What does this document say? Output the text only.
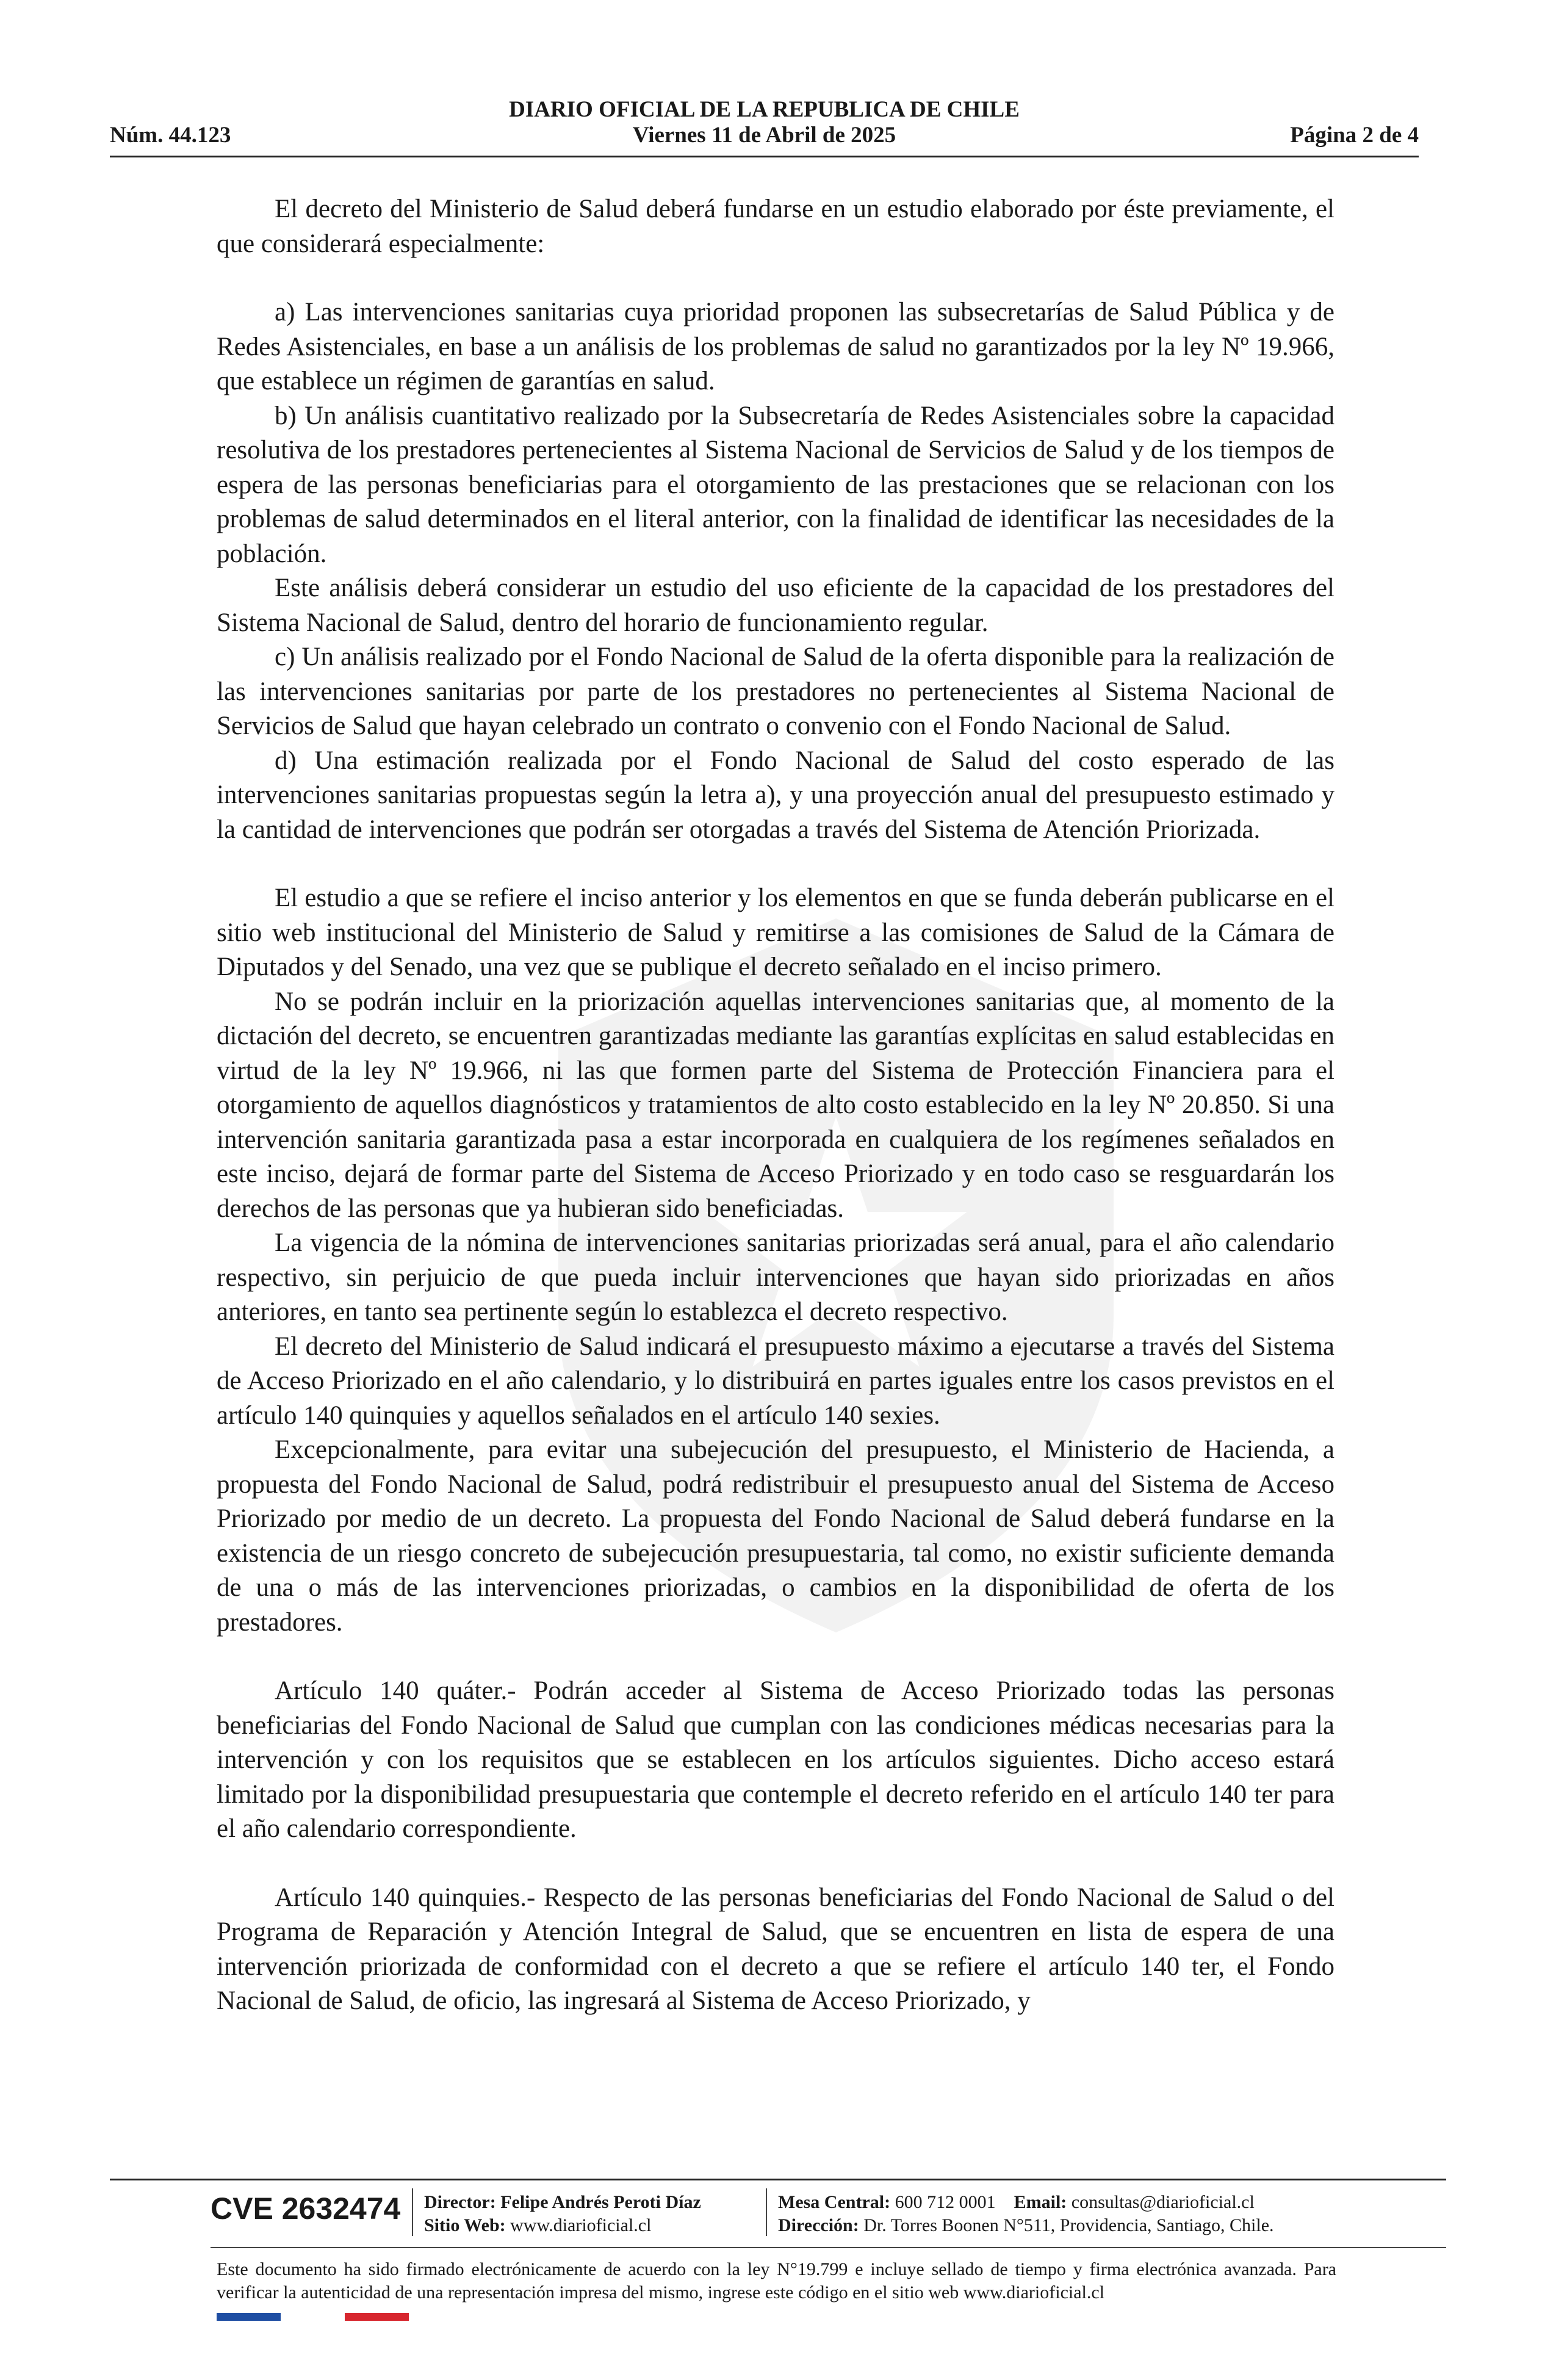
DIARIO OFICIAL DE LA REPUBLICA DE CHILE
Núm. 44.123	Viernes 11 de Abril de 2025	Página 2 de 4

El decreto del Ministerio de Salud deberá fundarse en un estudio elaborado por éste previamente, el que considerará especialmente:

a) Las intervenciones sanitarias cuya prioridad proponen las subsecretarías de Salud Pública y de Redes Asistenciales, en base a un análisis de los problemas de salud no garantizados por la ley Nº 19.966, que establece un régimen de garantías en salud.

b) Un análisis cuantitativo realizado por la Subsecretaría de Redes Asistenciales sobre la capacidad resolutiva de los prestadores pertenecientes al Sistema Nacional de Servicios de Salud y de los tiempos de espera de las personas beneficiarias para el otorgamiento de las prestaciones que se relacionan con los problemas de salud determinados en el literal anterior, con la finalidad de identificar las necesidades de la población.

Este análisis deberá considerar un estudio del uso eficiente de la capacidad de los prestadores del Sistema Nacional de Salud, dentro del horario de funcionamiento regular.

c) Un análisis realizado por el Fondo Nacional de Salud de la oferta disponible para la realización de las intervenciones sanitarias por parte de los prestadores no pertenecientes al Sistema Nacional de Servicios de Salud que hayan celebrado un contrato o convenio con el Fondo Nacional de Salud.

d) Una estimación realizada por el Fondo Nacional de Salud del costo esperado de las intervenciones sanitarias propuestas según la letra a), y una proyección anual del presupuesto estimado y la cantidad de intervenciones que podrán ser otorgadas a través del Sistema de Atención Priorizada.

El estudio a que se refiere el inciso anterior y los elementos en que se funda deberán publicarse en el sitio web institucional del Ministerio de Salud y remitirse a las comisiones de Salud de la Cámara de Diputados y del Senado, una vez que se publique el decreto señalado en el inciso primero.

No se podrán incluir en la priorización aquellas intervenciones sanitarias que, al momento de la dictación del decreto, se encuentren garantizadas mediante las garantías explícitas en salud establecidas en virtud de la ley Nº 19.966, ni las que formen parte del Sistema de Protección Financiera para el otorgamiento de aquellos diagnósticos y tratamientos de alto costo establecido en la ley Nº 20.850. Si una intervención sanitaria garantizada pasa a estar incorporada en cualquiera de los regímenes señalados en este inciso, dejará de formar parte del Sistema de Acceso Priorizado y en todo caso se resguardarán los derechos de las personas que ya hubieran sido beneficiadas.

La vigencia de la nómina de intervenciones sanitarias priorizadas será anual, para el año calendario respectivo, sin perjuicio de que pueda incluir intervenciones que hayan sido priorizadas en años anteriores, en tanto sea pertinente según lo establezca el decreto respectivo.

El decreto del Ministerio de Salud indicará el presupuesto máximo a ejecutarse a través del Sistema de Acceso Priorizado en el año calendario, y lo distribuirá en partes iguales entre los casos previstos en el artículo 140 quinquies y aquellos señalados en el artículo 140 sexies.

Excepcionalmente, para evitar una subejecución del presupuesto, el Ministerio de Hacienda, a propuesta del Fondo Nacional de Salud, podrá redistribuir el presupuesto anual del Sistema de Acceso Priorizado por medio de un decreto. La propuesta del Fondo Nacional de Salud deberá fundarse en la existencia de un riesgo concreto de subejecución presupuestaria, tal como, no existir suficiente demanda de una o más de las intervenciones priorizadas, o cambios en la disponibilidad de oferta de los prestadores.

Artículo 140 quáter.- Podrán acceder al Sistema de Acceso Priorizado todas las personas beneficiarias del Fondo Nacional de Salud que cumplan con las condiciones médicas necesarias para la intervención y con los requisitos que se establecen en los artículos siguientes. Dicho acceso estará limitado por la disponibilidad presupuestaria que contemple el decreto referido en el artículo 140 ter para el año calendario correspondiente.

Artículo 140 quinquies.- Respecto de las personas beneficiarias del Fondo Nacional de Salud o del Programa de Reparación y Atención Integral de Salud, que se encuentren en lista de espera de una intervención priorizada de conformidad con el decreto a que se refiere el artículo 140 ter, el Fondo Nacional de Salud, de oficio, las ingresará al Sistema de Acceso Priorizado, y

CVE 2632474 Director: Felipe Andrés Peroti Díaz
Sitio Web: www.diarioficial.cl
Mesa Central: 600 712 0001 Email: consultas@diarioficial.cl
Dirección: Dr. Torres Boonen N°511, Providencia, Santiago, Chile.
Este documento ha sido firmado electrónicamente de acuerdo con la ley N°19.799 e incluye sellado de tiempo y firma electrónica avanzada. Para verificar la autenticidad de una representación impresa del mismo, ingrese este código en el sitio web www.diarioficial.cl
